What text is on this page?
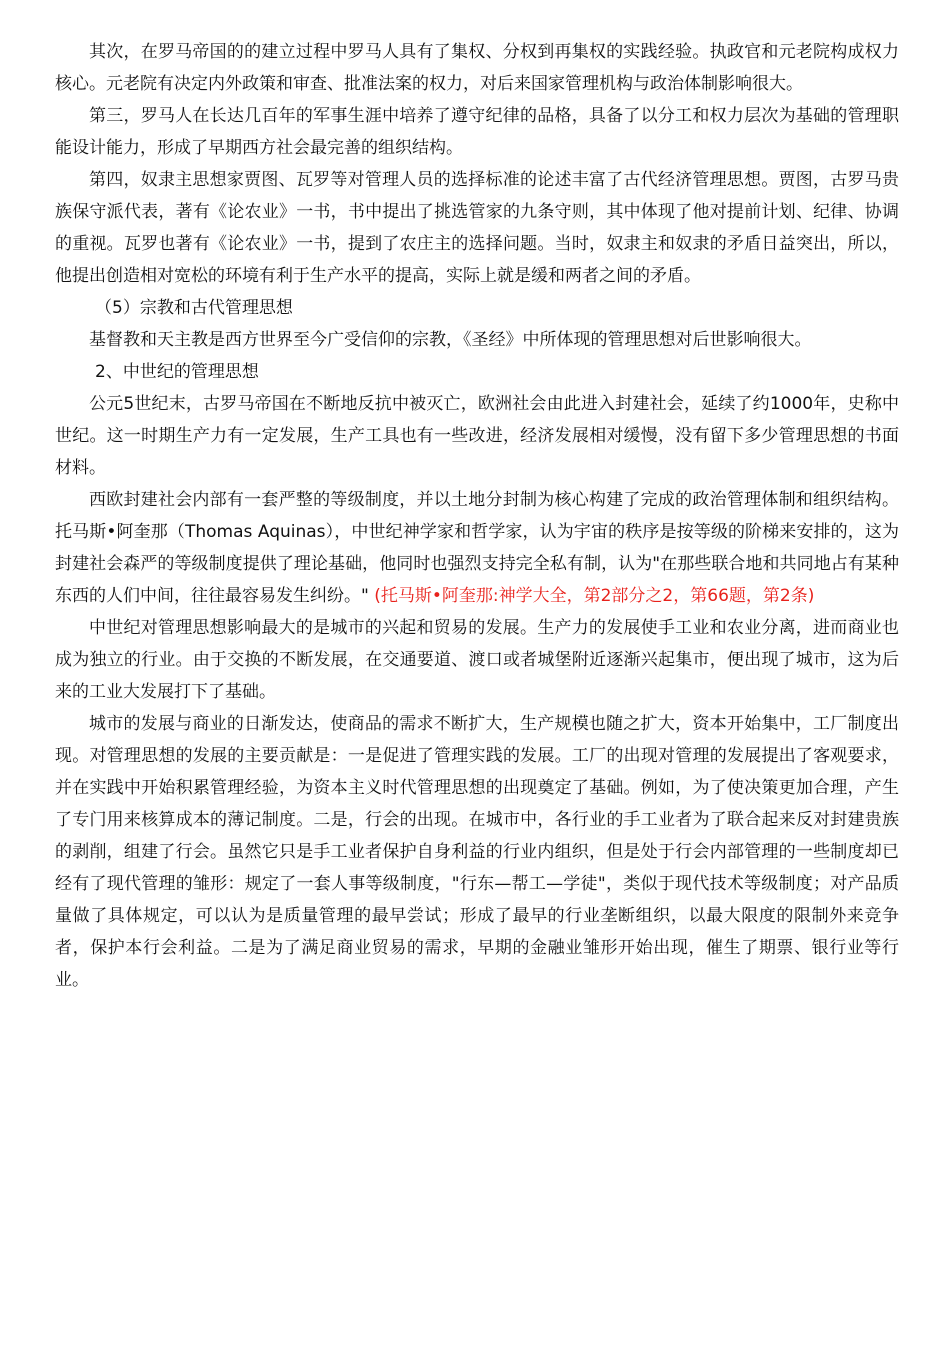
其次，在罗马帝国的的建立过程中罗马人具有了集权、分权到再集权的实践经验。执政官和元老院构成权力核心。元老院有决定内外政策和审查、批准法案的权力，对后来国家管理机构与政治体制影响很大。

第三，罗马人在长达几百年的军事生涯中培养了遵守纪律的品格，具备了以分工和权力层次为基础的管理职能设计能力，形成了早期西方社会最完善的组织结构。

第四，奴隶主思想家贾图、瓦罗等对管理人员的选择标准的论述丰富了古代经济管理思想。贾图，古罗马贵族保守派代表，著有《论农业》一书，书中提出了挑选管家的九条守则，其中体现了他对提前计划、纪律、协调的重视。瓦罗也著有《论农业》一书，提到了农庄主的选择问题。当时，奴隶主和奴隶的矛盾日益突出，所以，他提出创造相对宽松的环境有利于生产水平的提高，实际上就是缓和两者之间的矛盾。

（5）宗教和古代管理思想

基督教和天主教是西方世界至今广受信仰的宗教，《圣经》中所体现的管理思想对后世影响很大。

2、中世纪的管理思想

公元5世纪末，古罗马帝国在不断地反抗中被灭亡，欧洲社会由此进入封建社会，延续了约1000年，史称中世纪。这一时期生产力有一定发展，生产工具也有一些改进，经济发展相对缓慢，没有留下多少管理思想的书面材料。

西欧封建社会内部有一套严整的等级制度，并以土地分封制为核心构建了完成的政治管理体制和组织结构。托马斯•阿奎那（Thomas Aquinas），中世纪神学家和哲学家，认为宇宙的秩序是按等级的阶梯来安排的，这为封建社会森严的等级制度提供了理论基础，他同时也强烈支持完全私有制，认为"在那些联合地和共同地占有某种东西的人们中间，往往最容易发生纠纷。" (托马斯•阿奎那:神学大全，第2部分之2，第66题，第2条)

中世纪对管理思想影响最大的是城市的兴起和贸易的发展。生产力的发展使手工业和农业分离，进而商业也成为独立的行业。由于交换的不断发展，在交通要道、渡口或者城堡附近逐渐兴起集市，便出现了城市，这为后来的工业大发展打下了基础。

城市的发展与商业的日渐发达，使商品的需求不断扩大，生产规模也随之扩大，资本开始集中，工厂制度出现。对管理思想的发展的主要贡献是：一是促进了管理实践的发展。工厂的出现对管理的发展提出了客观要求，并在实践中开始积累管理经验，为资本主义时代管理思想的出现奠定了基础。例如，为了使决策更加合理，产生了专门用来核算成本的薄记制度。二是，行会的出现。在城市中，各行业的手工业者为了联合起来反对封建贵族的剥削，组建了行会。虽然它只是手工业者保护自身利益的行业内组织，但是处于行会内部管理的一些制度却已经有了现代管理的雏形：规定了一套人事等级制度，"行东—帮工—学徒"，类似于现代技术等级制度；对产品质量做了具体规定，可以认为是质量管理的最早尝试；形成了最早的行业垄断组织，以最大限度的限制外来竞争者，保护本行会利益。二是为了满足商业贸易的需求，早期的金融业雏形开始出现，催生了期票、银行业等行业。
